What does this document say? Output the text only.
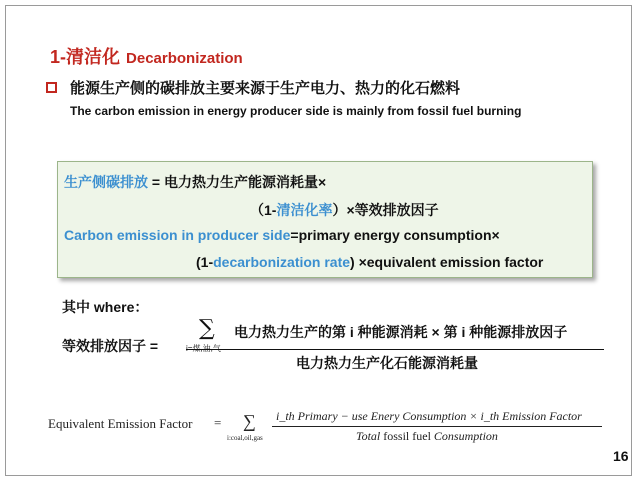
1-清洁化 Decarbonization
能源生产侧的碳排放主要来源于生产电力、热力的化石燃料
The carbon emission in energy producer side is mainly from fossil fuel burning
生产侧碳排放 = 电力热力生产能源消耗量×
（1-清洁化率）×等效排放因子
Carbon emission in producer side=primary energy consumption×
(1-decarbonization rate) ×equivalent emission factor
其中 where：
等效排放因子 =
∑ 电力热力生产的第 i 种能源消耗 × 第 i 种能源排放因子
电力热力生产化石能源消耗量
Equivalent Emission Factor = ∑
i:coal,oil,gas
i_th Primary − use Enery Consumption × i_th Emission Factor
Total fossil fuel Consumption
16
